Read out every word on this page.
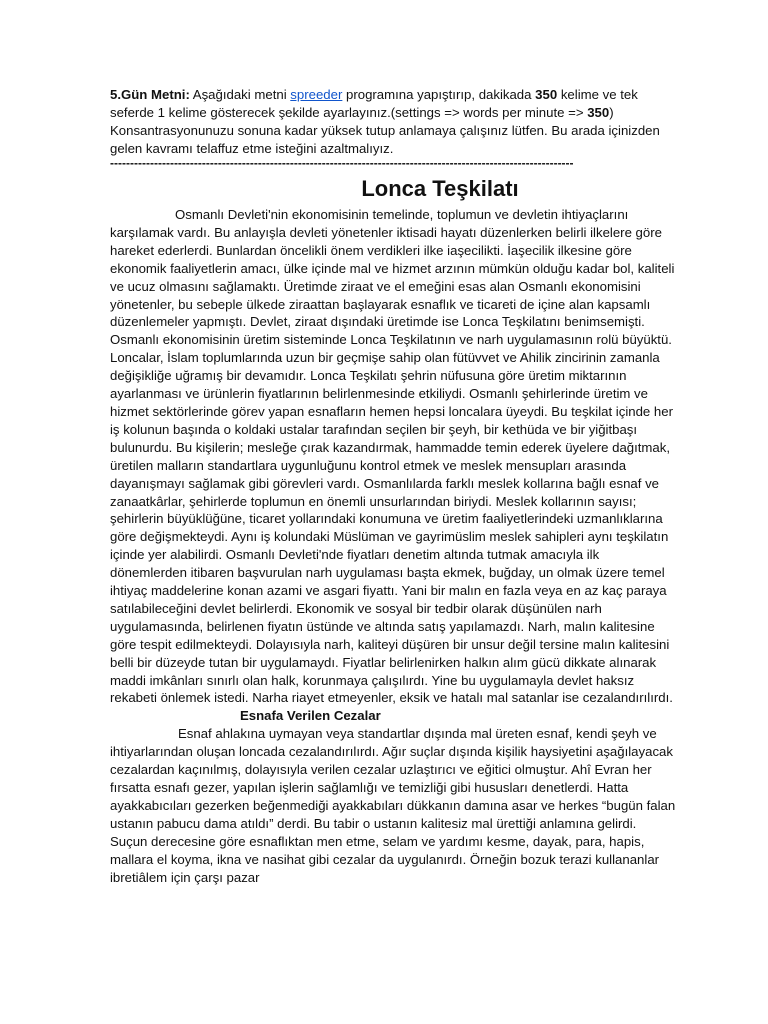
5.Gün Metni: Aşağıdaki metni spreeder programına yapıştırıp, dakikada 350 kelime ve tek seferde 1 kelime gösterecek şekilde ayarlayınız.(settings => words per minute => 350) Konsantrasyonunuzu sonuna kadar yüksek tutup anlamaya çalışınız lütfen. Bu arada içinizden gelen kavramı telaffuz etme isteğini azaltmalıyız.
--------------------------------------------------------------------------------------------------------------------
Lonca Teşkilatı

Osmanlı Devleti'nin ekonomisinin temelinde, toplumun ve devletin ihtiyaçlarını karşılamak vardı. Bu anlayışla devleti yönetenler iktisadi hayatı düzenlerken belirli ilkelere göre hareket ederlerdi. Bunlardan öncelikli önem verdikleri ilke iaşecilikti. İaşecilik ilkesine göre ekonomik faaliyetlerin amacı, ülke içinde mal ve hizmet arzının mümkün olduğu kadar bol, kaliteli ve ucuz olmasını sağlamaktı. Üretimde ziraat ve el emeğini esas alan Osmanlı ekonomisini yönetenler, bu sebeple ülkede ziraattan başlayarak esnaflık ve ticareti de içine alan kapsamlı düzenlemeler yapmıştı. Devlet, ziraat dışındaki üretimde ise Lonca Teşkilatını benimsemişti. Osmanlı ekonomisinin üretim sisteminde Lonca Teşkilatının ve narh uygulamasının rolü büyüktü. Loncalar, İslam toplumlarında uzun bir geçmişe sahip olan fütüvvet ve Ahilik zincirinin zamanla değişikliğe uğramış bir devamıdır. Lonca Teşkilatı şehrin nüfusuna göre üretim miktarının ayarlanması ve ürünlerin fiyatlarının belirlenmesinde etkiliydi. Osmanlı şehirlerinde üretim ve hizmet sektörlerinde görev yapan esnafların hemen hepsi loncalara üyeydi. Bu teşkilat içinde her iş kolunun başında o koldaki ustalar tarafından seçilen bir şeyh, bir kethüda ve bir yiğitbaşı bulunurdu. Bu kişilerin; mesleğe çırak kazandırmak, hammadde temin ederek üyelere dağıtmak, üretilen malların standartlara uygunluğunu kontrol etmek ve meslek mensupları arasında dayanışmayı sağlamak gibi görevleri vardı. Osmanlılarda farklı meslek kollarına bağlı esnaf ve zanaatkârlar, şehirlerde toplumun en önemli unsurlarından biriydi. Meslek kollarının sayısı; şehirlerin büyüklüğüne, ticaret yollarındaki konumuna ve üretim faaliyetlerindeki uzmanlıklarına göre değişmekteydi. Aynı iş kolundaki Müslüman ve gayrimüslim meslek sahipleri aynı teşkilatın içinde yer alabilirdi. Osmanlı Devleti'nde fiyatları denetim altında tutmak amacıyla ilk dönemlerden itibaren başvurulan narh uygulaması başta ekmek, buğday, un olmak üzere temel ihtiyaç maddelerine konan azami ve asgari fiyattı. Yani bir malın en fazla veya en az kaç paraya satılabileceğini devlet belirlerdi. Ekonomik ve sosyal bir tedbir olarak düşünülen narh uygulamasında, belirlenen fiyatın üstünde ve altında satış yapılamazdı. Narh, malın kalitesine göre tespit edilmekteydi. Dolayısıyla narh, kaliteyi düşüren bir unsur değil tersine malın kalitesini belli bir düzeyde tutan bir uygulamaydı. Fiyatlar belirlenirken halkın alım gücü dikkate alınarak maddi imkânları sınırlı olan halk, korunmaya çalışılırdı. Yine bu uygulamayla devlet haksız rekabeti önlemek istedi. Narha riayet etmeyenler, eksik ve hatalı mal satanlar ise cezalandırılırdı.

Esnafa Verilen Cezalar

Esnaf ahlakına uymayan veya standartlar dışında mal üreten esnaf, kendi şeyh ve ihtiyarlarından oluşan loncada cezalandırılırdı. Ağır suçlar dışında kişilik haysiyetini aşağılayacak cezalardan kaçınılmış, dolayısıyla verilen cezalar uzlaştırıcı ve eğitici olmuştur. Ahî Evran her fırsatta esnafı gezer, yapılan işlerin sağlamlığı ve temizliği gibi hususları denetlerdi. Hatta ayakkabıcıları gezerken beğenmediği ayakkabıları dükkanın damına asar ve herkes “bugün falan ustanın pabucu dama atıldı” derdi. Bu tabir o ustanın kalitesiz mal ürettiği anlamına gelirdi. Suçun derecesine göre esnaflıktan men etme, selam ve yardımı kesme, dayak, para, hapis, mallara el koyma, ikna ve nasihat gibi cezalar da uygulanırdı. Örneğin bozuk terazi kullananlar ibretiâlem için çarşı pazar
